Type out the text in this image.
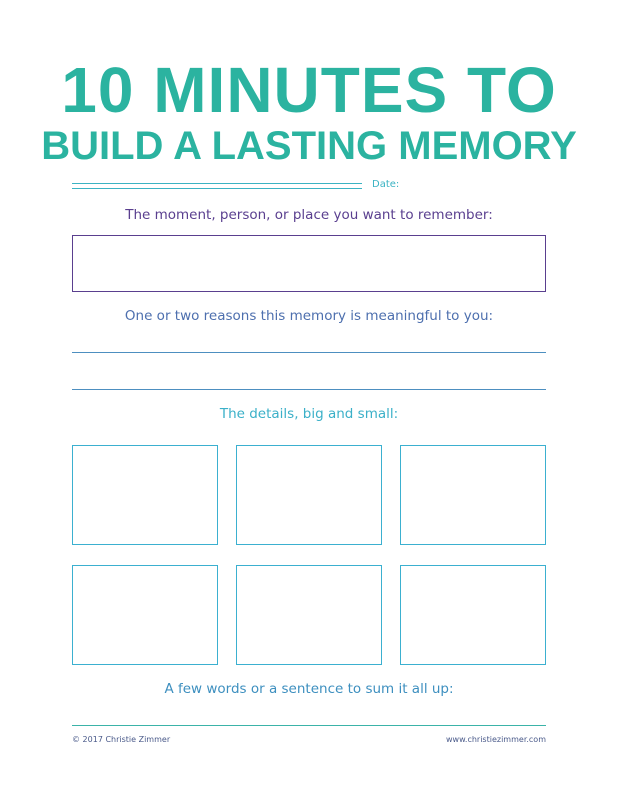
10 MINUTES TO
BUILD A LASTING MEMORY
Date:

The moment, person, or place you want to remember:

One or two reasons this memory is meaningful to you:

The details, big and small:

A few words or a sentence to sum it all up:

© 2017 Christie Zimmer	www.christiezimmer.com
